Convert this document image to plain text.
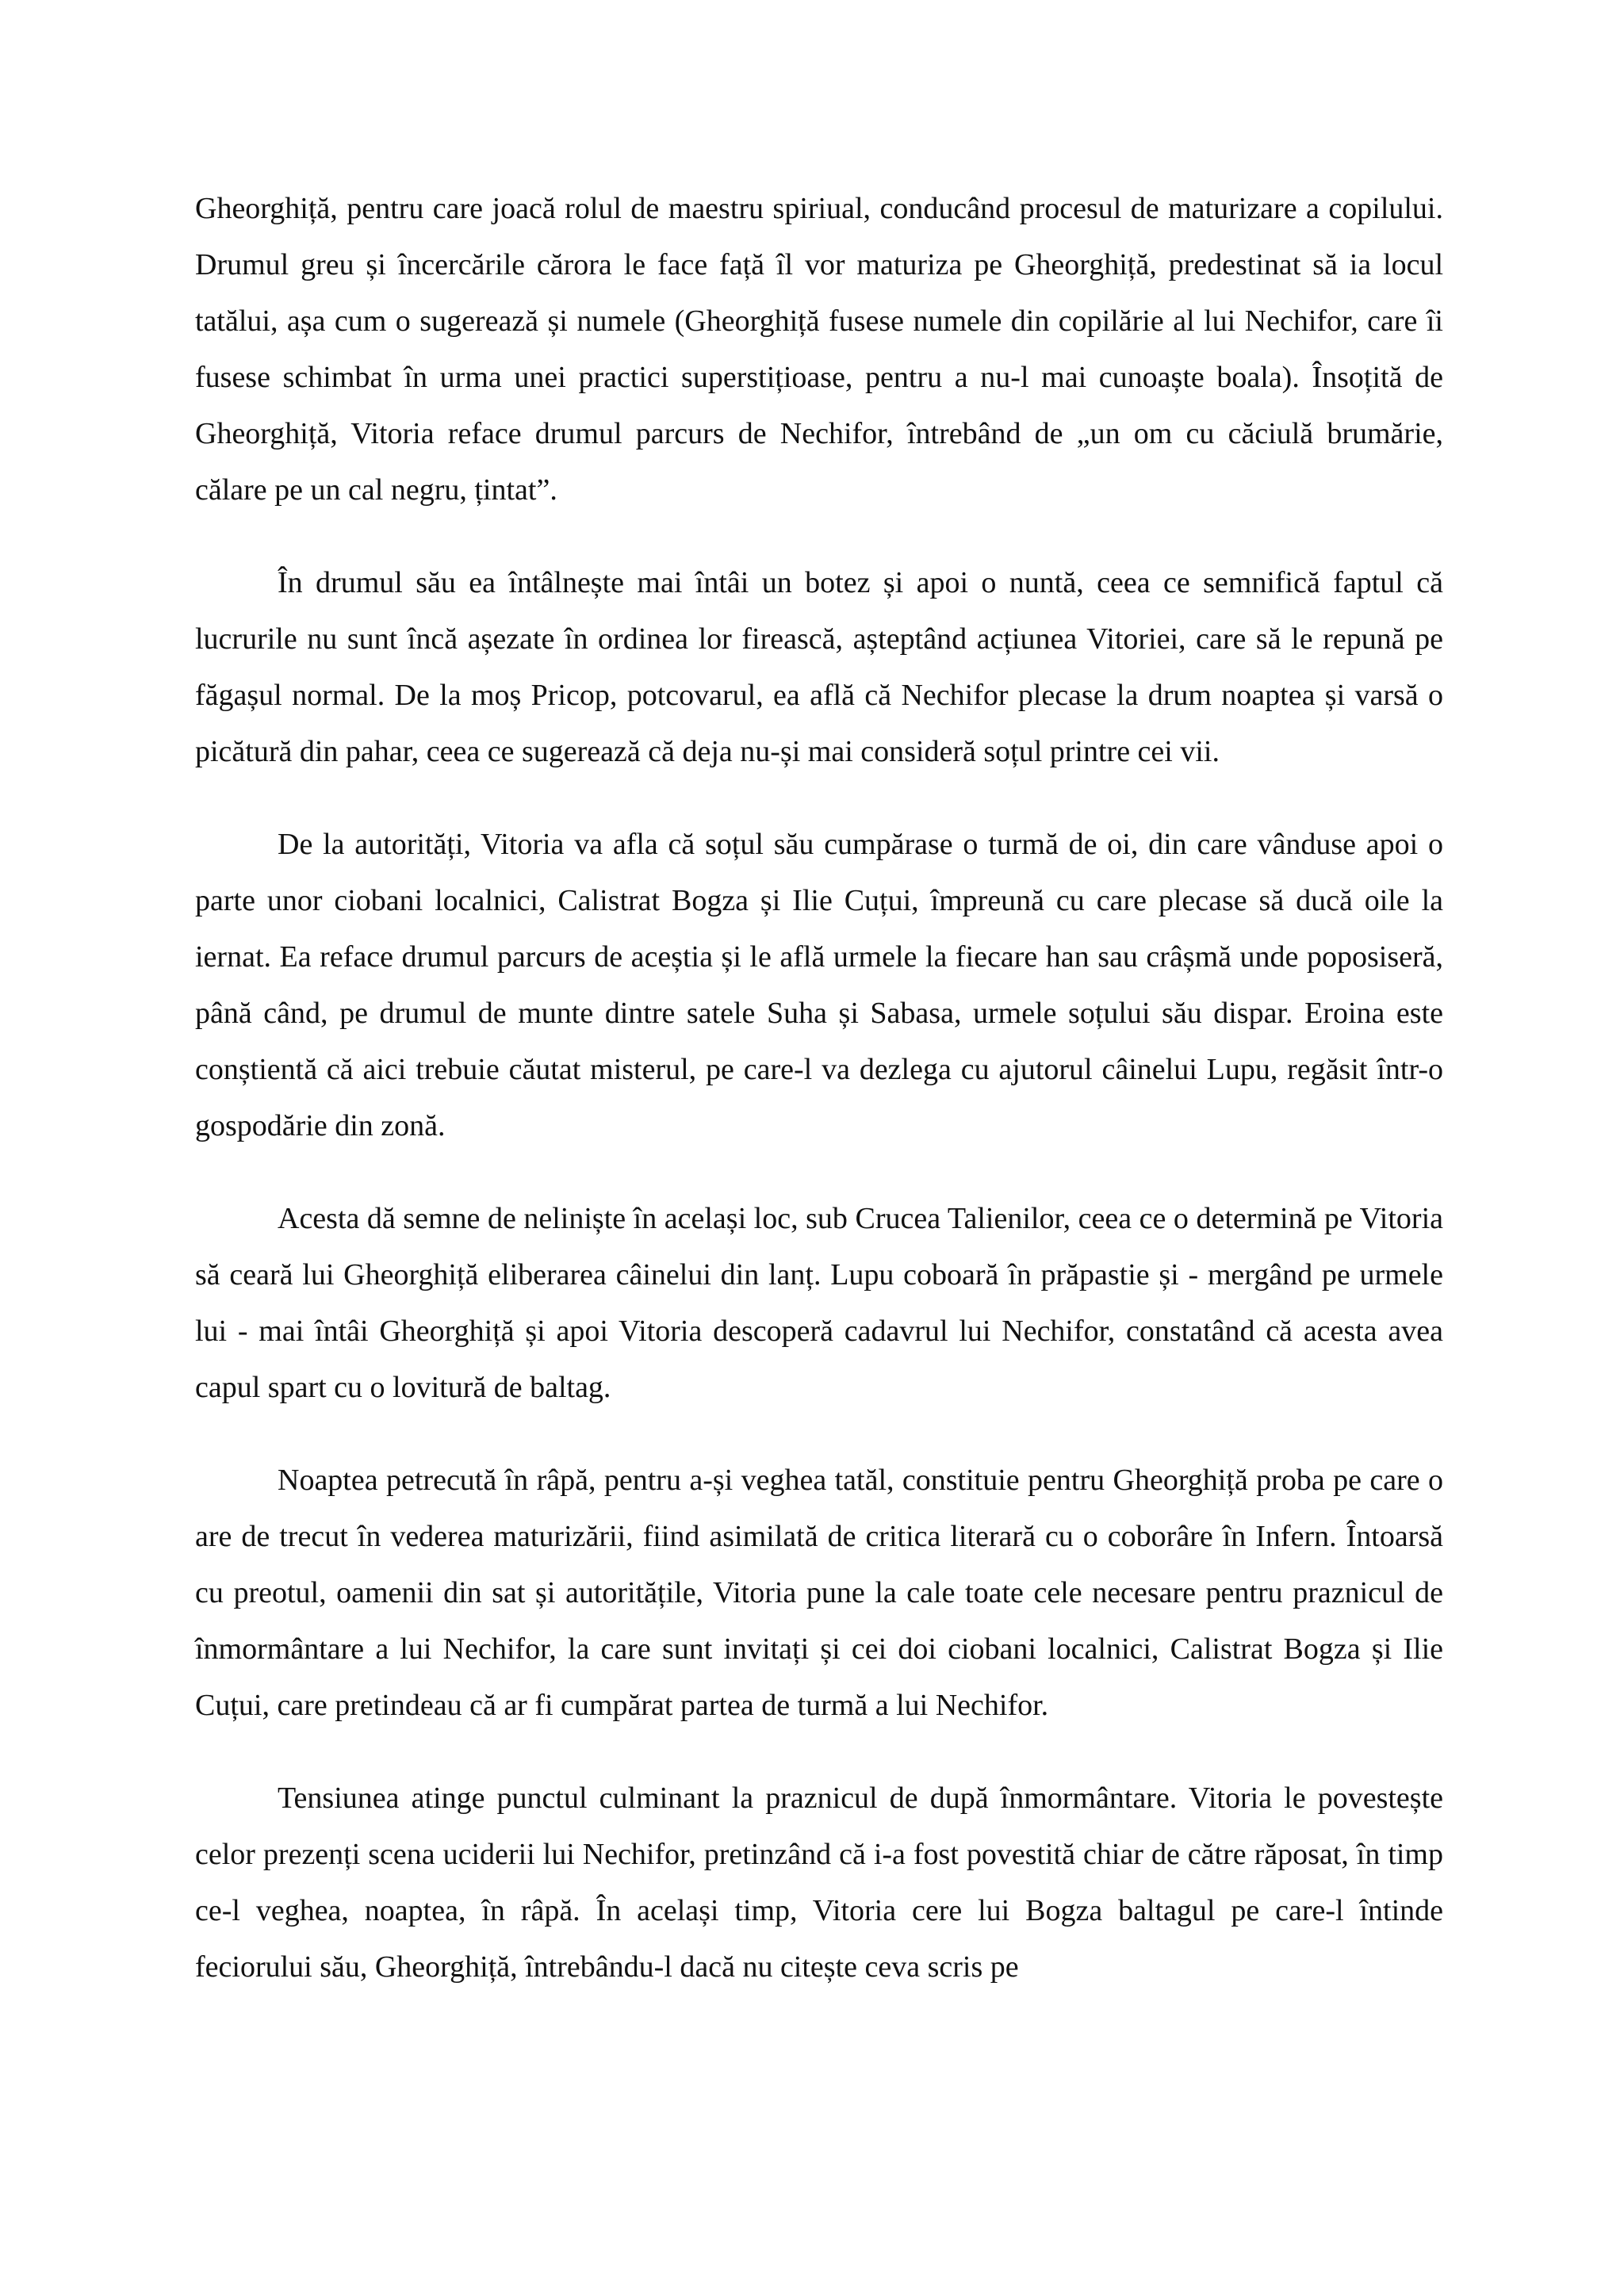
Gheorghiță, pentru care joacă rolul de maestru spiriual, conducând procesul de maturizare a copilului. Drumul greu și încercările cărora le face față îl vor maturiza pe Gheorghiță, predestinat să ia locul tatălui, așa cum o sugerează și numele (Gheorghiță fusese numele din copilărie al lui Nechifor, care îi fusese schimbat în urma unei practici superstițioase, pentru a nu-l mai cunoaște boala). Însoțită de Gheorghiță, Vitoria reface drumul parcurs de Nechifor, întrebând de „un om cu căciulă brumărie, călare pe un cal negru, țintat”.

În drumul său ea întâlnește mai întâi un botez și apoi o nuntă, ceea ce semnifică faptul că lucrurile nu sunt încă așezate în ordinea lor firească, așteptând acțiunea Vitoriei, care să le repună pe făgașul normal. De la moș Pricop, potcovarul, ea află că Nechifor plecase la drum noaptea și varsă o picătură din pahar, ceea ce sugerează că deja nu-și mai consideră soțul printre cei vii.

De la autorități, Vitoria va afla că soțul său cumpărase o turmă de oi, din care vânduse apoi o parte unor ciobani localnici, Calistrat Bogza și Ilie Cuțui, împreună cu care plecase să ducă oile la iernat. Ea reface drumul parcurs de aceștia și le află urmele la fiecare han sau crâșmă unde poposiseră, până când, pe drumul de munte dintre satele Suha și Sabasa, urmele soțului său dispar. Eroina este conștientă că aici trebuie căutat misterul, pe care-l va dezlega cu ajutorul câinelui Lupu, regăsit într-o gospodărie din zonă.

Acesta dă semne de neliniște în același loc, sub Crucea Talienilor, ceea ce o determină pe Vitoria să ceară lui Gheorghiță eliberarea câinelui din lanț. Lupu coboară în prăpastie și - mergând pe urmele lui - mai întâi Gheorghiță și apoi Vitoria descoperă cadavrul lui Nechifor, constatând că acesta avea capul spart cu o lovitură de baltag.

Noaptea petrecută în râpă, pentru a-și veghea tatăl, constituie pentru Gheorghiță proba pe care o are de trecut în vederea maturizării, fiind asimilată de critica literară cu o coborâre în Infern. Întoarsă cu preotul, oamenii din sat și autoritățile, Vitoria pune la cale toate cele necesare pentru praznicul de înmormântare a lui Nechifor, la care sunt invitați și cei doi ciobani localnici, Calistrat Bogza și Ilie Cuțui, care pretindeau că ar fi cumpărat partea de turmă a lui Nechifor.

Tensiunea atinge punctul culminant la praznicul de după înmormântare. Vitoria le povestește celor prezenți scena uciderii lui Nechifor, pretinzând că i-a fost povestită chiar de către răposat, în timp ce-l veghea, noaptea, în râpă. În același timp, Vitoria cere lui Bogza baltagul pe care-l întinde feciorului său, Gheorghiță, întrebându-l dacă nu citește ceva scris pe
